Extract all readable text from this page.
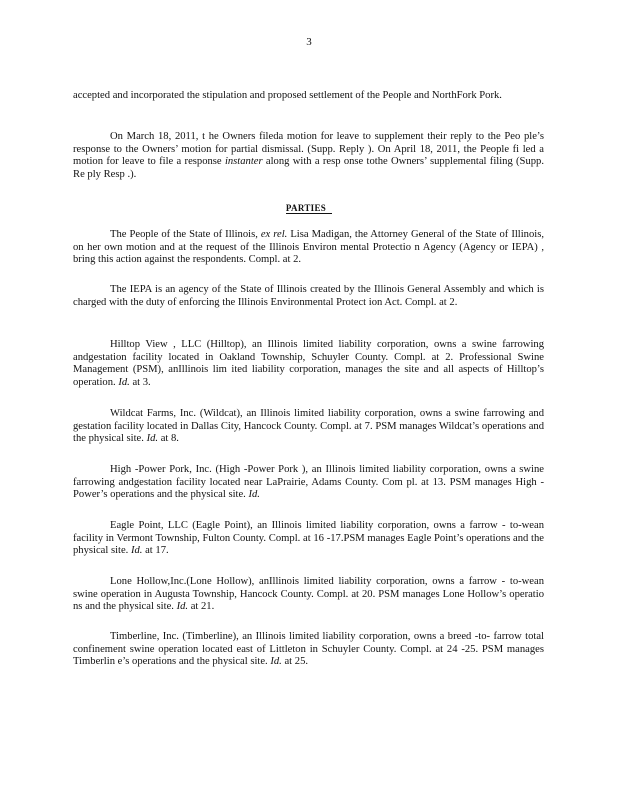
3

accepted and incorporated the stipulation and proposed settlement of the People and NorthFork Pork.

On March 18, 2011, t he Owners fileda motion for leave to supplement their reply to the Peo ple’s response to the Owners’ motion for partial dismissal. (Supp. Reply ). On April 18, 2011, the People fi led a motion for leave to file a response instanter along with a resp onse tothe Owners’ supplemental filing (Supp. Re ply Resp .).

PARTIES

The People of the State of Illinois, ex rel. Lisa Madigan, the Attorney General of the State of Illinois, on her own motion and at the request of the Illinois Environ mental Protectio n Agency (Agency or IEPA) , bring this action against the respondents. Compl. at 2.

The IEPA is an agency of the State of Illinois created by the Illinois General Assembly and which is charged with the duty of enforcing the Illinois Environmental Protect ion Act. Compl. at 2.

Hilltop View , LLC (Hilltop), an Illinois limited liability corporation, owns a swine farrowing andgestation facility located in Oakland Township, Schuyler County. Compl. at 2. Professional Swine Management (PSM), anIllinois lim ited liability corporation, manages the site and all aspects of Hilltop’s operation. Id. at 3.

Wildcat Farms, Inc. (Wildcat), an Illinois limited liability corporation, owns a swine farrowing and gestation facility located in Dallas City, Hancock County. Compl. at 7. PSM manages Wildcat’s operations and the physical site. Id. at 8.

High -Power Pork, Inc. (High -Power Pork ), an Illinois limited liability corporation, owns a swine farrowing andgestation facility located near LaPrairie, Adams County. Com pl. at 13. PSM manages High -Power’s operations and the physical site. Id.

Eagle Point, LLC (Eagle Point), an Illinois limited liability corporation, owns a farrow - to-wean facility in Vermont Township, Fulton County. Compl. at 16 -17.PSM manages Eagle Point’s operations and the physical site. Id. at 17.

Lone Hollow,Inc.(Lone Hollow), anIllinois limited liability corporation, owns a farrow - to-wean swine operation in Augusta Township, Hancock County. Compl. at 20. PSM manages Lone Hollow’s operatio ns and the physical site. Id. at 21.

Timberline, Inc. (Timberline), an Illinois limited liability corporation, owns a breed -to- farrow total confinement swine operation located east of Littleton in Schuyler County. Compl. at 24 -25. PSM manages Timberlin e’s operations and the physical site. Id. at 25.
